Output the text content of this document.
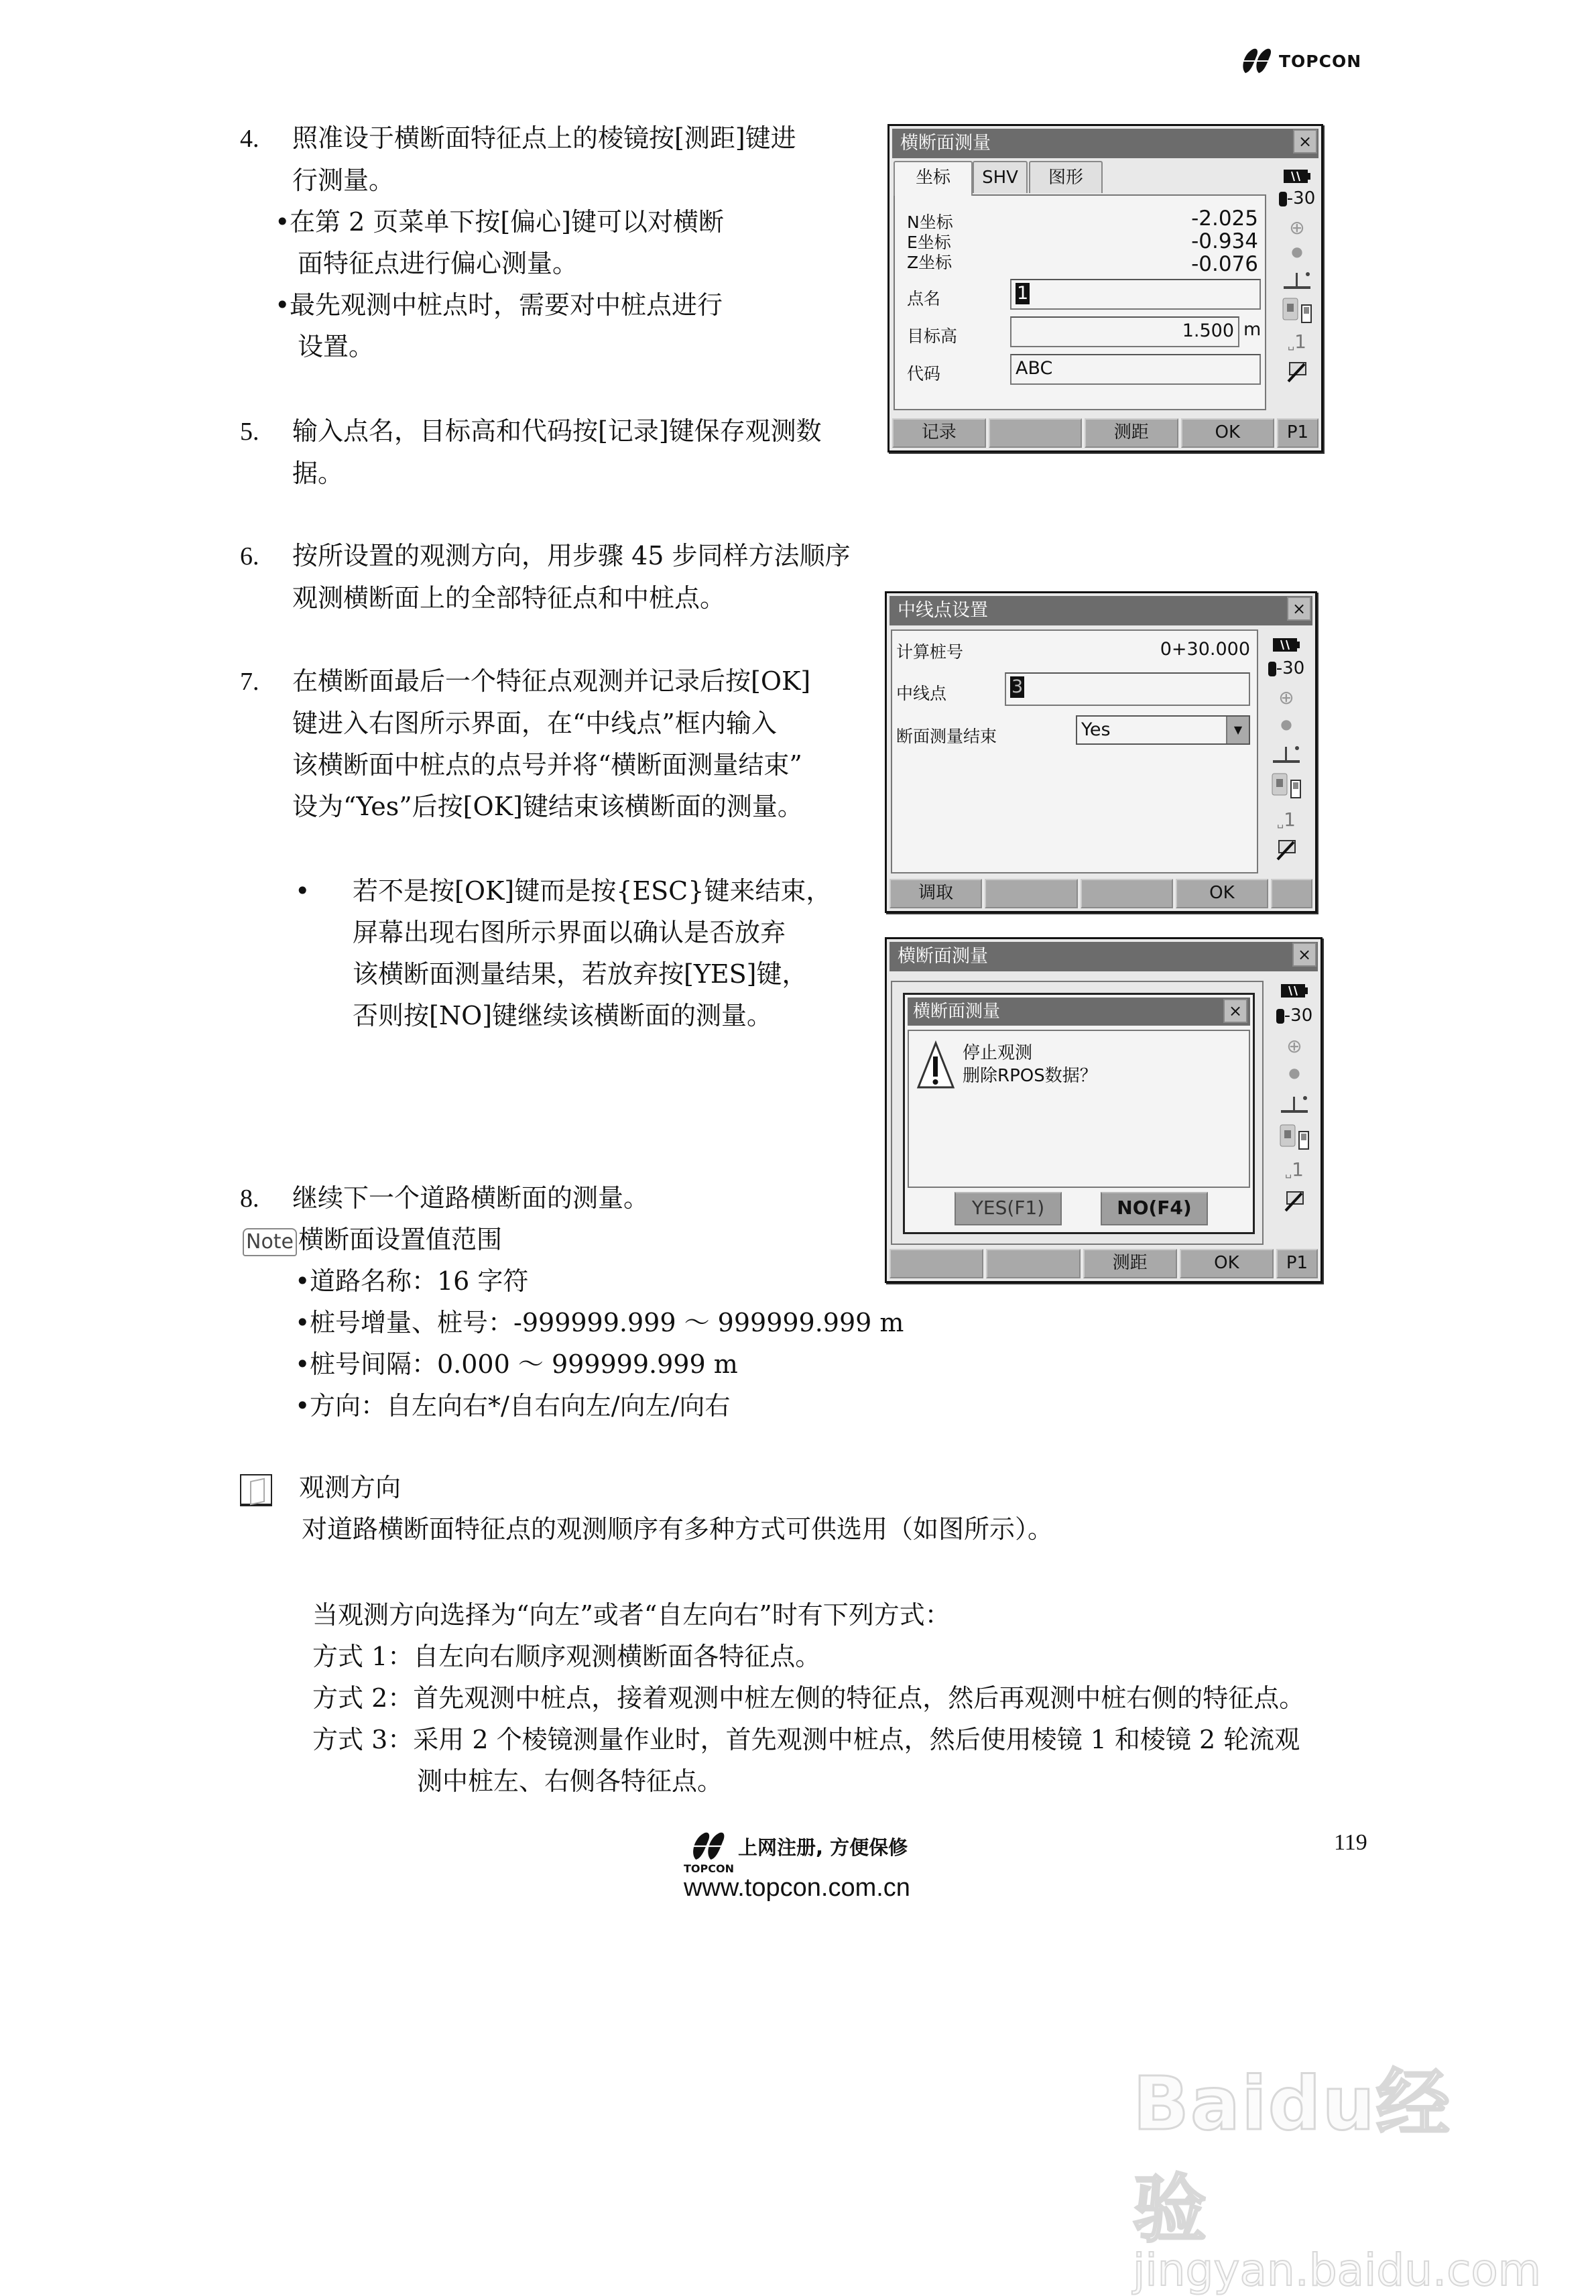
TOPCON
4. 照准设于横断面特征点上的棱镜按[测距]键进
行测量。
•在第 2 页菜单下按[偏心]键可以对横断
面特征点进行偏心测量。
•最先观测中桩点时，需要对中桩点进行
设置。
5. 输入点名，目标高和代码按[记录]键保存观测数
据。
6. 按所设置的观测方向，用步骤 45 步同样方法顺序
观测横断面上的全部特征点和中桩点。
7. 在横断面最后一个特征点观测并记录后按[OK]
键进入右图所示界面，在“中线点”框内输入
该横断面中桩点的点号并将“横断面测量结束”
设为“Yes”后按[OK]键结束该横断面的测量。
• 若不是按[OK]键而是按{ESC}键来结束，
屏幕出现右图所示界面以确认是否放弃
该横断面测量结果，若放弃按[YES]键，
否则按[NO]键继续该横断面的测量。
8. 继续下一个道路横断面的测量。
Note 横断面设置值范围
•道路名称：16 字符
•桩号增量、桩号：-999999.999 ～ 999999.999 m
•桩号间隔：0.000 ～ 999999.999 m
•方向：自左向右*/自右向左/向左/向右
观测方向
对道路横断面特征点的观测顺序有多种方式可供选用（如图所示）。
当观测方向选择为“向左”或者“自左向右”时有下列方式：
方式 1：自左向右顺序观测横断面各特征点。
方式 2：首先观测中桩点，接着观测中桩左侧的特征点，然后再观测中桩右侧的特征点。
方式 3：采用 2 个棱镜测量作业时，首先观测中桩点，然后使用棱镜 1 和棱镜 2 轮流观
测中桩左、右侧各特征点。
横断面测量	×
坐标	SHV	图形
N坐标	-2.025
E坐标	-0.934
Z坐标	-0.076
点名	1
目标高	1.500 m
代码	ABC
-30
⊕
●
␣1
记录	测距	OK	P1
中线点设置	×
计算桩号	0+30.000
中线点	3
断面测量结束	Yes	▼
-30
⊕
●
␣1
调取	OK
横断面测量	×
横断面测量	×
停止观测
删除RPOS数据？
YES(F1)	NO(F4)
-30
⊕
●
␣1
测距	OK	P1
TOPCON
上网注册, 方便保修
www.topcon.com.cn
119
Baidu经验
jingyan.baidu.com
